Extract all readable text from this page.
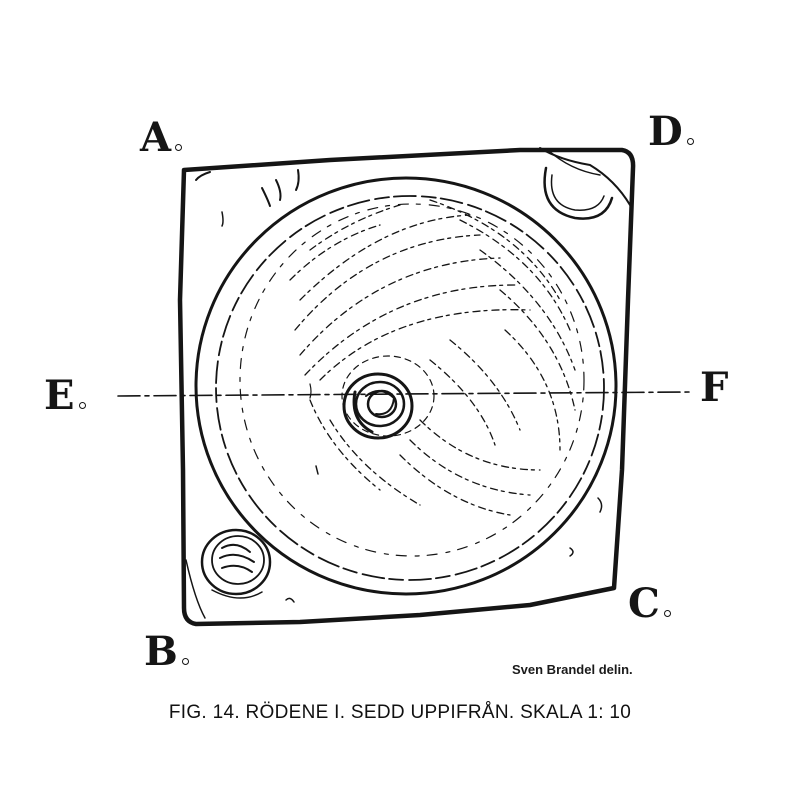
A	D
E	F
B
C
Sven Brandel delin.
FIG. 14. RÖDENE I. SEDD UPPIFRÅN. SKALA 1: 10
